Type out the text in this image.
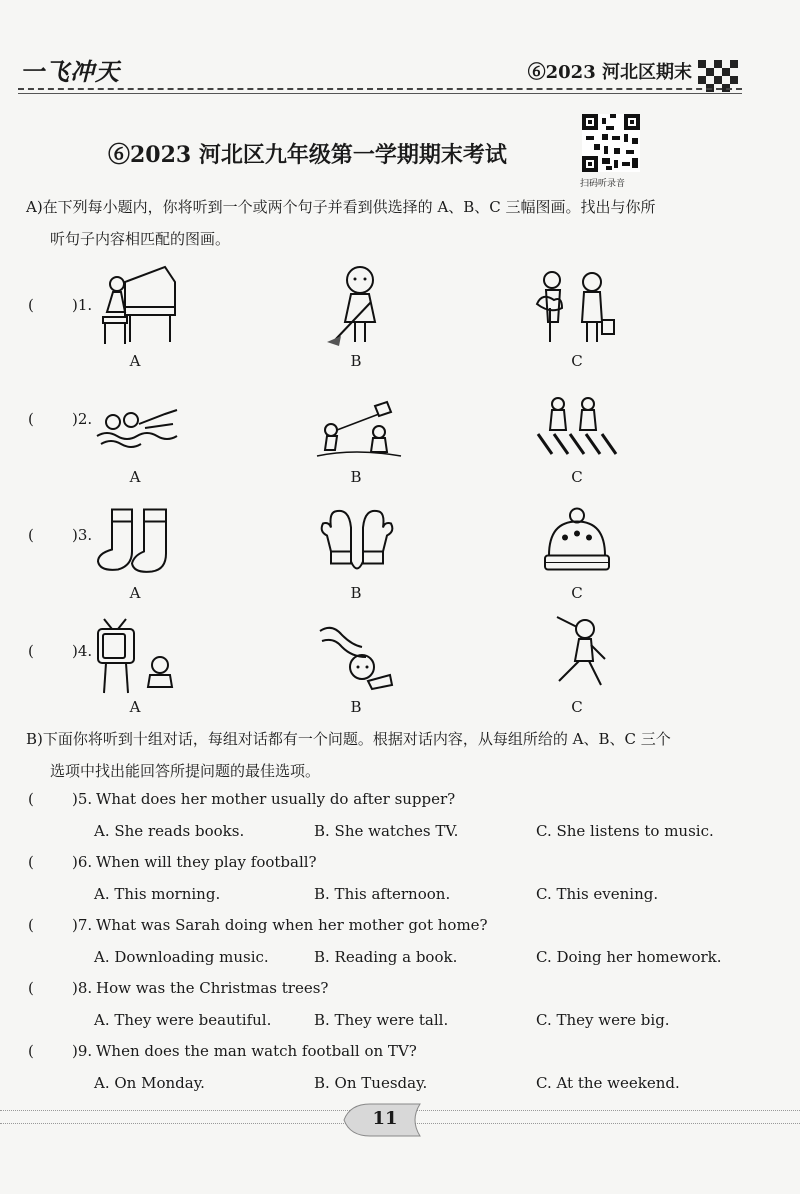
一飞冲天	⑥2023 河北区期末
⑥2023 河北区九年级第一学期期末考试
扫码听录音
A)在下列每小题内，你将听到一个或两个句子并看到供选择的 A、B、C 三幅图画。找出与你所
听句子内容相匹配的图画。
(	)1.
A	B	C
(	)2.
A	B	C
(	)3.
A	B	C
(	)4.
A	B	C
B)下面你将听到十组对话，每组对话都有一个问题。根据对话内容，从每组所给的 A、B、C 三个
选项中找出能回答所提问题的最佳选项。
(	)5. What does her mother usually do after supper?
A. She reads books.	B. She watches TV.	C. She listens to music.
(	)6. When will they play football?
A. This morning.	B. This afternoon.	C. This evening.
(	)7. What was Sarah doing when her mother got home?
A. Downloading music.	B. Reading a book.	C. Doing her homework.
(	)8. How was the Christmas trees?
A. They were beautiful.	B. They were tall.	C. They were big.
(	)9. When does the man watch football on TV?
A. On Monday.	B. On Tuesday.	C. At the weekend.
11
